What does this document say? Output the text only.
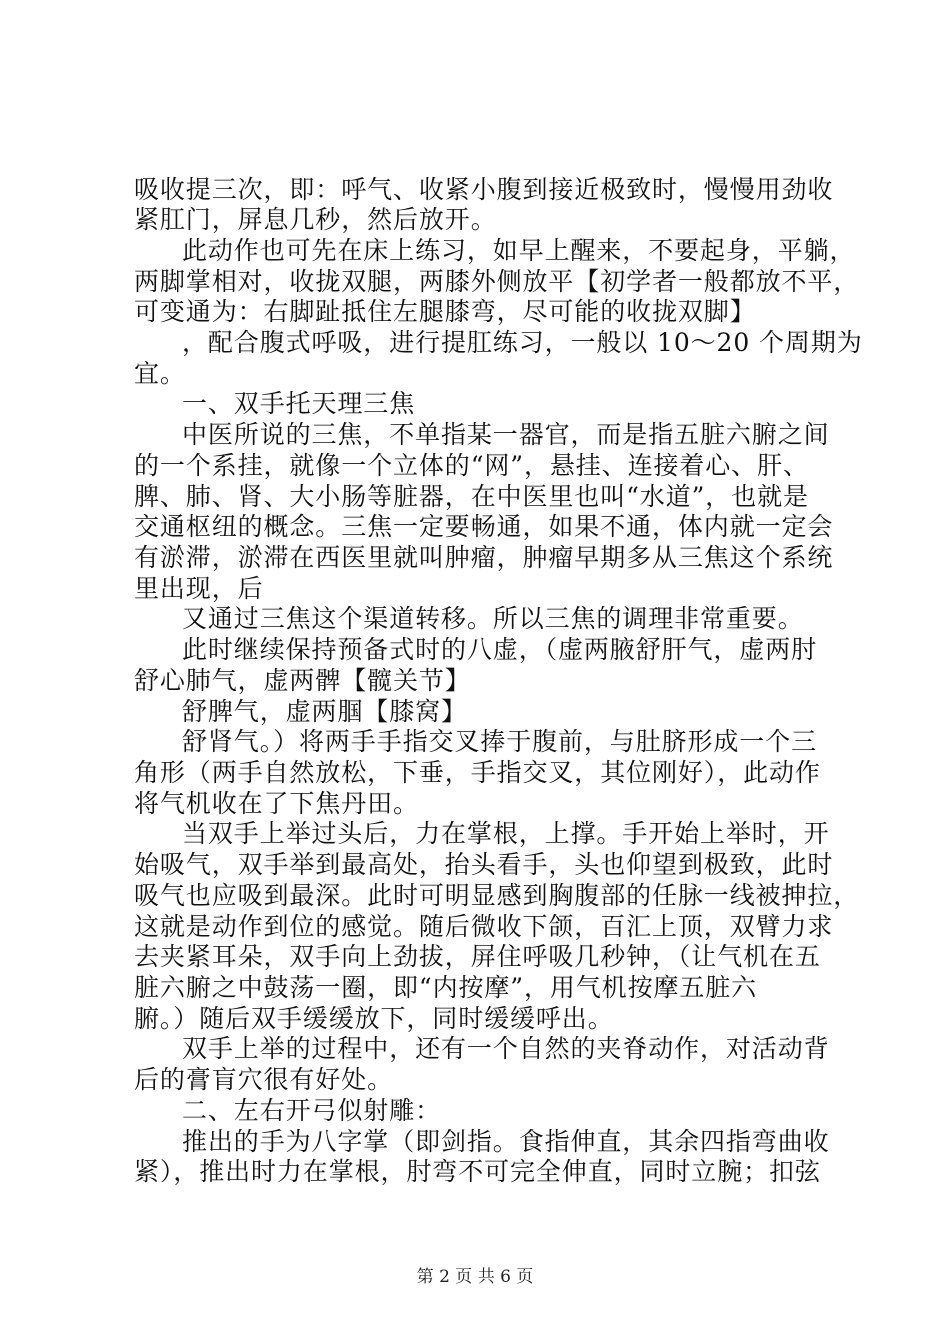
吸收提三次，即：呼气、收紧小腹到接近极致时，慢慢用劲收
紧肛门，屏息几秒，然后放开。
此动作也可先在床上练习，如早上醒来，不要起身，平躺，
两脚掌相对，收拢双腿，两膝外侧放平【初学者一般都放不平，
可变通为：右脚趾抵住左腿膝弯，尽可能的收拢双脚】
，配合腹式呼吸，进行提肛练习，一般以 10～20 个周期为
宜。
一、双手托天理三焦
中医所说的三焦，不单指某一器官，而是指五脏六腑之间
的一个系挂，就像一个立体的“网”，悬挂、连接着心、肝、
脾、肺、肾、大小肠等脏器，在中医里也叫“水道”，也就是
交通枢纽的概念。三焦一定要畅通，如果不通，体内就一定会
有淤滞，淤滞在西医里就叫肿瘤，肿瘤早期多从三焦这个系统
里出现，后
又通过三焦这个渠道转移。所以三焦的调理非常重要。
此时继续保持预备式时的八虚，（虚两腋舒肝气，虚两肘
舒心肺气，虚两髀【髋关节】
舒脾气，虚两腘【膝窝】
舒肾气。）将两手手指交叉捧于腹前，与肚脐形成一个三
角形（两手自然放松，下垂，手指交叉，其位刚好），此动作
将气机收在了下焦丹田。
当双手上举过头后，力在掌根，上撑。手开始上举时，开
始吸气，双手举到最高处，抬头看手，头也仰望到极致，此时
吸气也应吸到最深。此时可明显感到胸腹部的任脉一线被抻拉，
这就是动作到位的感觉。随后微收下颌，百汇上顶，双臂力求
去夹紧耳朵，双手向上劲拔，屏住呼吸几秒钟，（让气机在五
脏六腑之中鼓荡一圈，即“内按摩”，用气机按摩五脏六
腑。）随后双手缓缓放下，同时缓缓呼出。
双手上举的过程中，还有一个自然的夹脊动作，对活动背
后的膏肓穴很有好处。
二、左右开弓似射雕：
推出的手为八字掌（即剑指。食指伸直，其余四指弯曲收
紧），推出时力在掌根，肘弯不可完全伸直，同时立腕；扣弦
第 2 页 共 6 页
